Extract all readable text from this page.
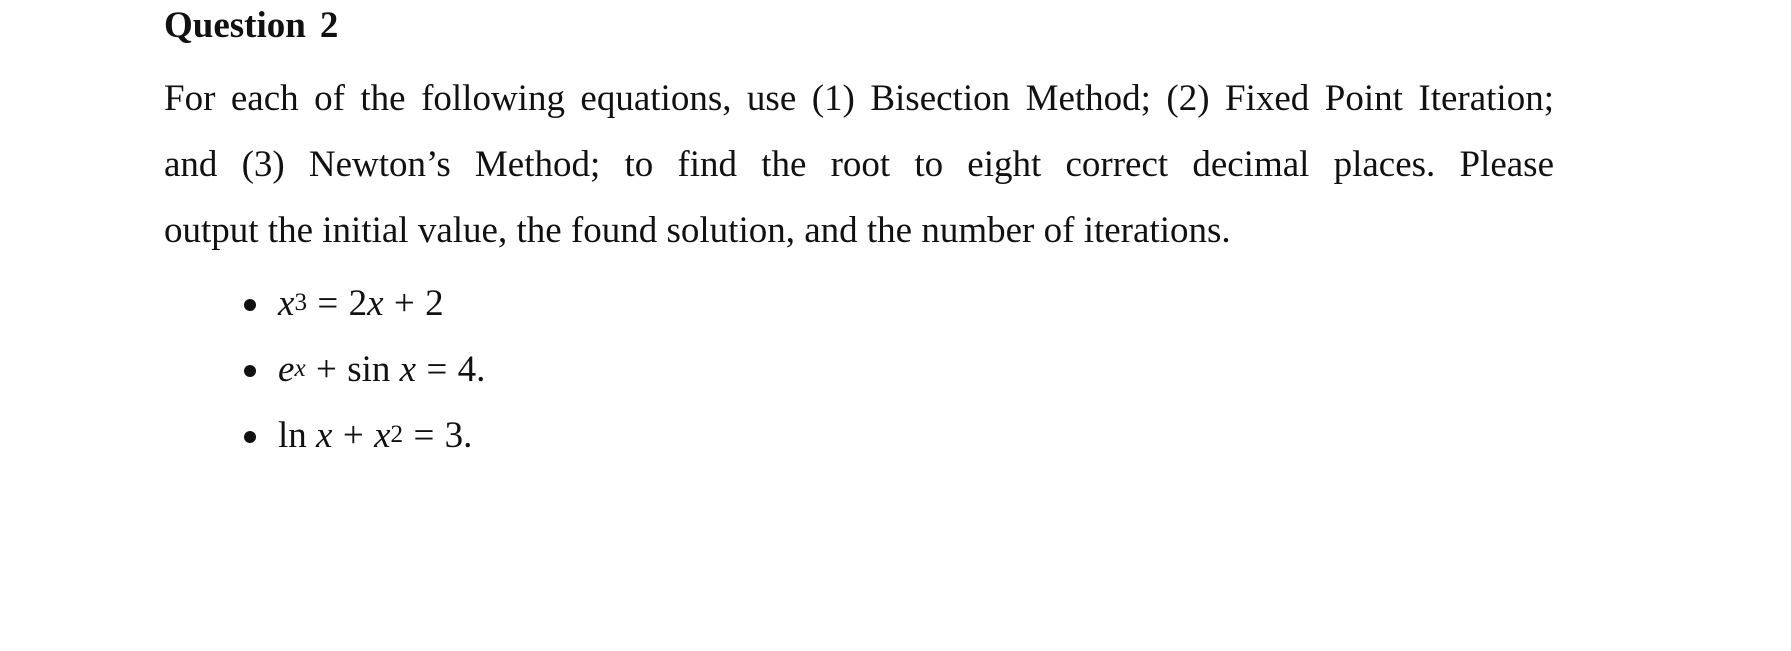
Question 2

For each of the following equations, use (1) Bisection Method; (2) Fixed Point Iteration;
and (3) Newton’s Method; to find the root to eight correct decimal places. Please
output the initial value, the found solution, and the number of iterations.

x 3 = 2 x + 2
e x + sin
x = 4.
ln
x + x 2 = 3.
